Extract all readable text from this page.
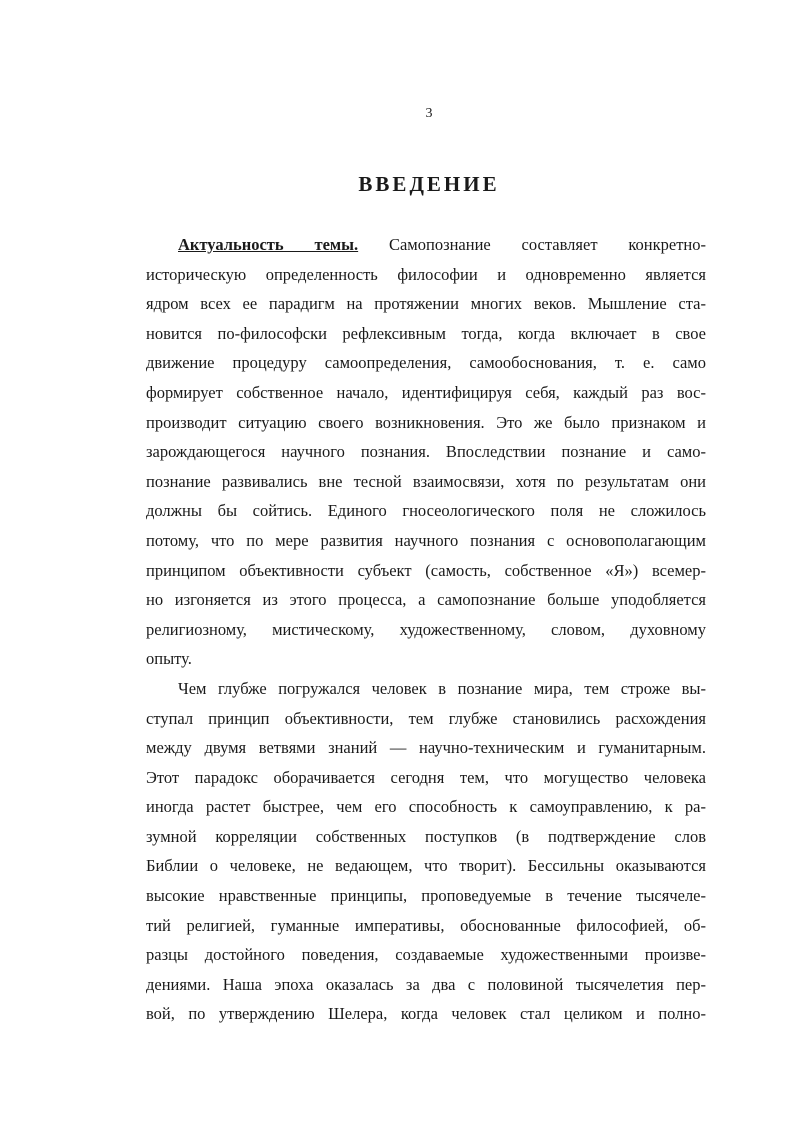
3
ВВЕДЕНИЕ
Актуальность темы. Самопознание составляет конкретно-
историческую определенность философии и одновременно является
ядром всех ее парадигм на протяжении многих веков. Мышление ста-
новится по-философски рефлексивным тогда, когда включает в свое
движение процедуру самоопределения, самообоснования, т. е. само
формирует собственное начало, идентифицируя себя, каждый раз вос-
производит ситуацию своего возникновения. Это же было признаком и
зарождающегося научного познания. Впоследствии познание и само-
познание развивались вне тесной взаимосвязи, хотя по результатам они
должны бы сойтись. Единого гносеологического поля не сложилось
потому, что по мере развития научного познания с основополагающим
принципом объективности субъект (самость, собственное «Я») всемер-
но изгоняется из этого процесса, а самопознание больше уподобляется
религиозному, мистическому, художественному, словом, духовному
опыту.
Чем глубже погружался человек в познание мира, тем строже вы-
ступал принцип объективности, тем глубже становились расхождения
между двумя ветвями знаний — научно-техническим и гуманитарным.
Этот парадокс оборачивается сегодня тем, что могущество человека
иногда растет быстрее, чем его способность к самоуправлению, к ра-
зумной корреляции собственных поступков (в подтверждение слов
Библии о человеке, не ведающем, что творит). Бессильны оказываются
высокие нравственные принципы, проповедуемые в течение тысячеле-
тий религией, гуманные императивы, обоснованные философией, об-
разцы достойного поведения, создаваемые художественными произве-
дениями. Наша эпоха оказалась за два с половиной тысячелетия пер-
вой, по утверждению Шелера, когда человек стал целиком и полно-
